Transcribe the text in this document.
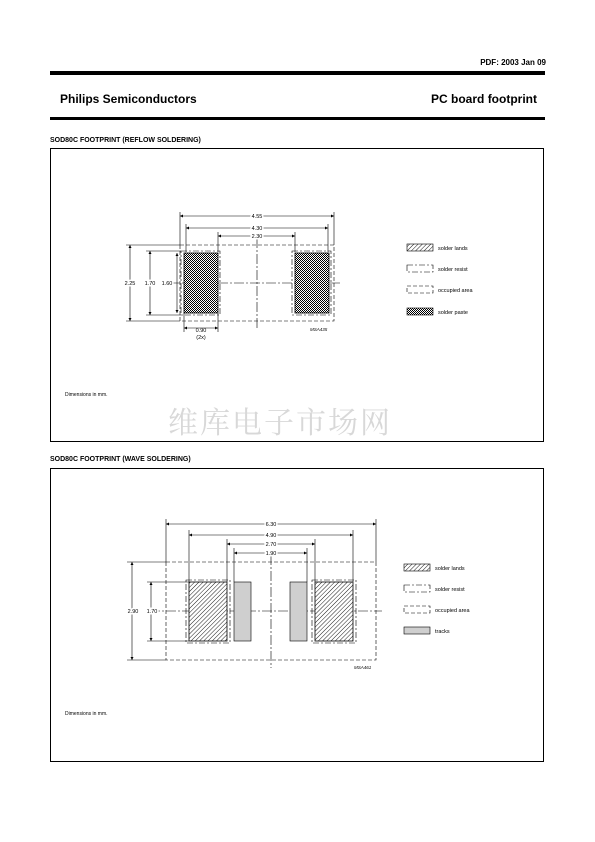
PDF: 2003 Jan 09
Philips Semiconductors	PC board footprint
SOD80C FOOTPRINT (REFLOW SOLDERING)
Dimensions in mm.
SOD80C FOOTPRINT (WAVE SOLDERING)
Dimensions in mm.
维库电子市场网
4.55
4.30
2.30
2.25 1.70 1.60
0.90
(2x)
MSA435
solder lands
solder resist
occupied area
solder paste
6.30
4.90
2.70
1.90
2.90 1.70
MSA461
solder lands
solder resist
occupied area
tracks
